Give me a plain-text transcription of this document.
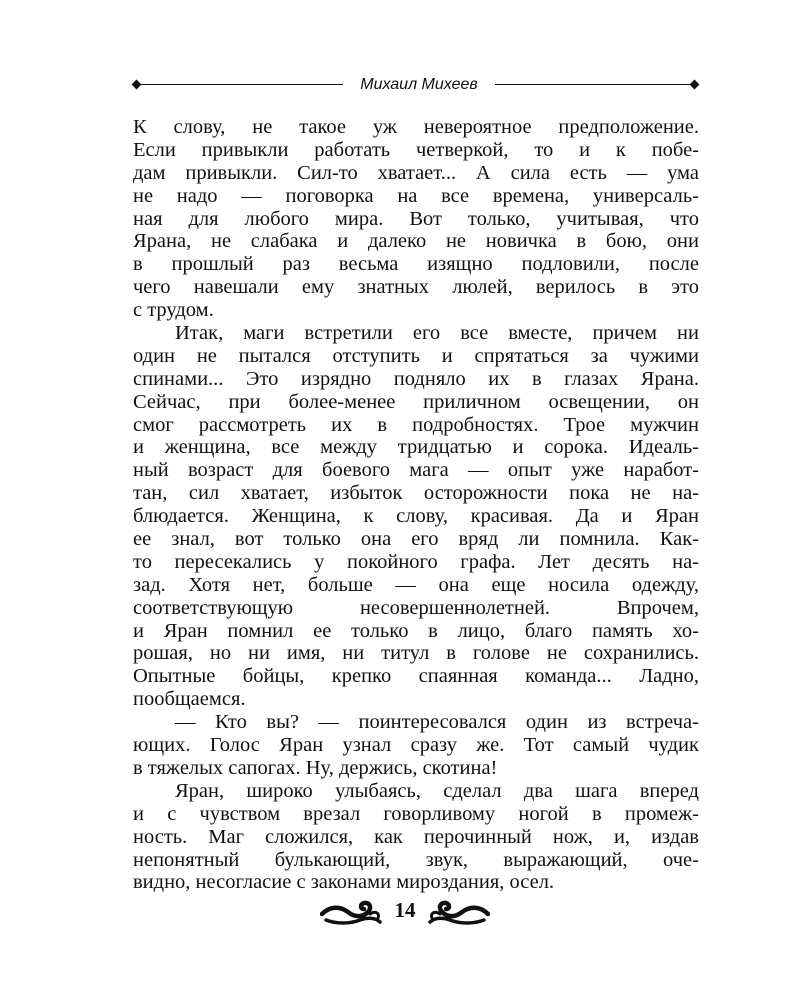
Михаил Михеев
К слову, не такое уж невероятное предположение.
Если привыкли работать четверкой, то и к побе-
дам привыкли. Сил-то хватает... А сила есть — ума
не надо — поговорка на все времена, универсаль-
ная для любого мира. Вот только, учитывая, что
Ярана, не слабака и далеко не новичка в бою, они
в прошлый раз весьма изящно подловили, после
чего навешали ему знатных люлей, верилось в это
с трудом.
Итак, маги встретили его все вместе, причем ни
один не пытался отступить и спрятаться за чужими
спинами... Это изрядно подняло их в глазах Ярана.
Сейчас, при более-менее приличном освещении, он
смог рассмотреть их в подробностях. Трое мужчин
и женщина, все между тридцатью и сорока. Идеаль-
ный возраст для боевого мага — опыт уже наработ-
тан, сил хватает, избыток осторожности пока не на-
блюдается. Женщина, к слову, красивая. Да и Яран
ее знал, вот только она его вряд ли помнила. Как-
то пересекались у покойного графа. Лет десять на-
зад. Хотя нет, больше — она еще носила одежду,
соответствующую несовершеннолетней. Впрочем,
и Яран помнил ее только в лицо, благо память хо-
рошая, но ни имя, ни титул в голове не сохранились.
Опытные бойцы, крепко спаянная команда... Ладно,
пообщаемся.
— Кто вы? — поинтересовался один из встреча-
ющих. Голос Яран узнал сразу же. Тот самый чудик
в тяжелых сапогах. Ну, держись, скотина!
Яран, широко улыбаясь, сделал два шага вперед
и с чувством врезал говорливому ногой в промеж-
ность. Маг сложился, как перочинный нож, и, издав
непонятный булькающий, звук, выражающий, оче-
видно, несогласие с законами мироздания, осел.
14
